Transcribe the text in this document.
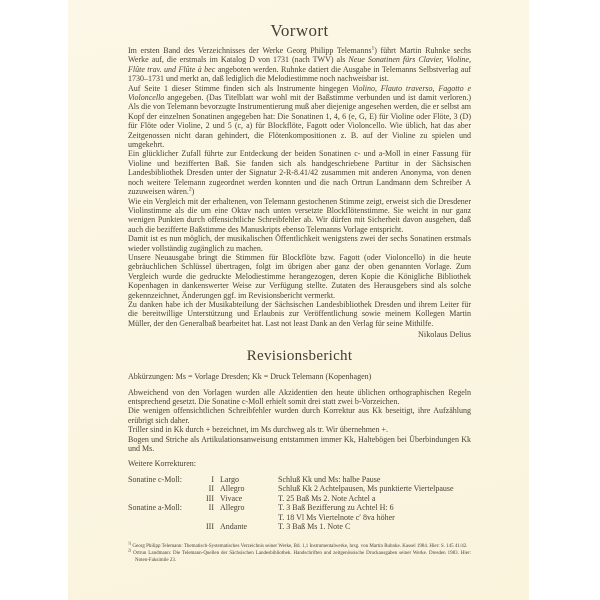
Vorwort

Im ersten Band des Verzeichnisses der Werke Georg Philipp Telemanns$^1$) führt Martin Ruhnke sechs Werke auf, die erstmals im Katalog D von 1731 (nach TWV) als Neue Sonatinen fürs Clavier, Violine, Flûte trav. und Flûte à bec angeboten werden. Ruhnke datiert die Ausgabe in Telemanns Selbstverlag auf 1730–1731 und merkt an, daß lediglich die Melodiestimme noch nachweisbar ist.

Auf Seite 1 dieser Stimme finden sich als Instrumente hingegen Violino, Flauto traverso, Fagotto e Violoncello angegeben. (Das Titelblatt war wohl mit der Baßstimme verbunden und ist damit verloren.) Als die von Telemann bevorzugte Instrumentierung muß aber diejenige angesehen werden, die er selbst am Kopf der einzelnen Sonatinen angegeben hat: Die Sonatinen 1, 4, 6 (e, G, E) für Violine oder Flöte, 3 (D) für Flöte oder Violine, 2 und 5 (c, a) für Blockflöte, Fagott oder Violoncello. Wie üblich, hat das aber Zeitgenossen nicht daran gehindert, die Flötenkompositionen z. B. auf der Violine zu spielen und umgekehrt.

Ein glücklicher Zufall führte zur Entdeckung der beiden Sonatinen c- und a-Moll in einer Fassung für Violine und bezifferten Baß. Sie fanden sich als handgeschriebene Partitur in der Sächsischen Landesbibliothek Dresden unter der Signatur 2-R-8.41/42 zusammen mit anderen Anonyma, von denen noch weitere Telemann zugeordnet werden konnten und die nach Ortrun Landmann dem Schreiber A zuzuweisen wären.$^2$)

Wie ein Vergleich mit der erhaltenen, von Telemann gestochenen Stimme zeigt, erweist sich die Dresdener Violinstimme als die um eine Oktav nach unten versetzte Blockflötenstimme. Sie weicht in nur ganz wenigen Punkten durch offensichtliche Schreibfehler ab. Wir dürfen mit Sicherheit davon ausgehen, daß auch die bezifferte Baßstimme des Manuskripts ebenso Telemanns Vorlage entspricht.

Damit ist es nun möglich, der musikalischen Öffentlichkeit wenigstens zwei der sechs Sonatinen erstmals wieder vollständig zugänglich zu machen.

Unsere Neuausgabe bringt die Stimmen für Blockflöte bzw. Fagott (oder Violoncello) in die heute gebräuchlichen Schlüssel übertragen, folgt im übrigen aber ganz der oben genannten Vorlage. Zum Vergleich wurde die gedruckte Melodiestimme herangezogen, deren Kopie die Königliche Bibliothek Kopenhagen in dankenswerter Weise zur Verfügung stellte. Zutaten des Herausgebers sind als solche gekennzeichnet, Änderungen ggf. im Revisionsbericht vermerkt.

Zu danken habe ich der Musikabteilung der Sächsischen Landesbibliothek Dresden und ihrem Leiter für die bereitwillige Unterstützung und Erlaubnis zur Veröffentlichung sowie meinem Kollegen Martin Müller, der den Generalbaß bearbeitet hat. Last not least Dank an den Verlag für seine Mithilfe.

Nikolaus Delius
Revisionsbericht
Abkürzungen: Ms = Vorlage Dresden; Kk = Druck Telemann (Kopenhagen)

Abweichend von den Vorlagen wurden alle Akzidentien den heute üblichen orthographischen Regeln entsprechend gesetzt. Die Sonatine c-Moll erhielt somit drei statt zwei b-Vorzeichen.

Die wenigen offensichtlichen Schreibfehler wurden durch Korrektur aus Kk beseitigt, ihre Aufzählung erübrigt sich daher.

Triller sind in Kk durch + bezeichnet, im Ms durchweg als tr. Wir übernehmen +.

Bogen und Striche als Artikulationsanweisung entstammen immer Kk, Haltebögen bei Überbindungen Kk und Ms.

Weitere Korrekturen:
Sonatine c-Moll:	I Largo	Schluß Kk und Ms: halbe Pause
II Allegro	Schluß Kk 2 Achtelpausen, Ms punktierte Viertelpause
III Vivace	T. 25 Baß Ms 2. Note Achtel a
Sonatine a-Moll:	II Allegro	T. 3 Baß Bezifferung zu Achtel H: 6
T. 18 Vl Ms Viertelnote c′ 8va höher
III Andante	T. 3 Baß Ms 1. Note C
$^{1)}$ Georg Philipp Telemann: Thematisch-Systematisches Verzeichnis seiner Werke, Bd. 1,1 Instrumentalwerke, hrsg. von Martin Ruhnke. Kassel 1984. Hier: S. 145 41/42.
$^{2)}$ Ortrun Landmann: Die Telemann-Quellen der Sächsischen Landesbibliothek. Handschriften und zeitgenössische Druckausgaben seiner Werke. Dresden 1983. Hier: Noten-Faksimile 23.
